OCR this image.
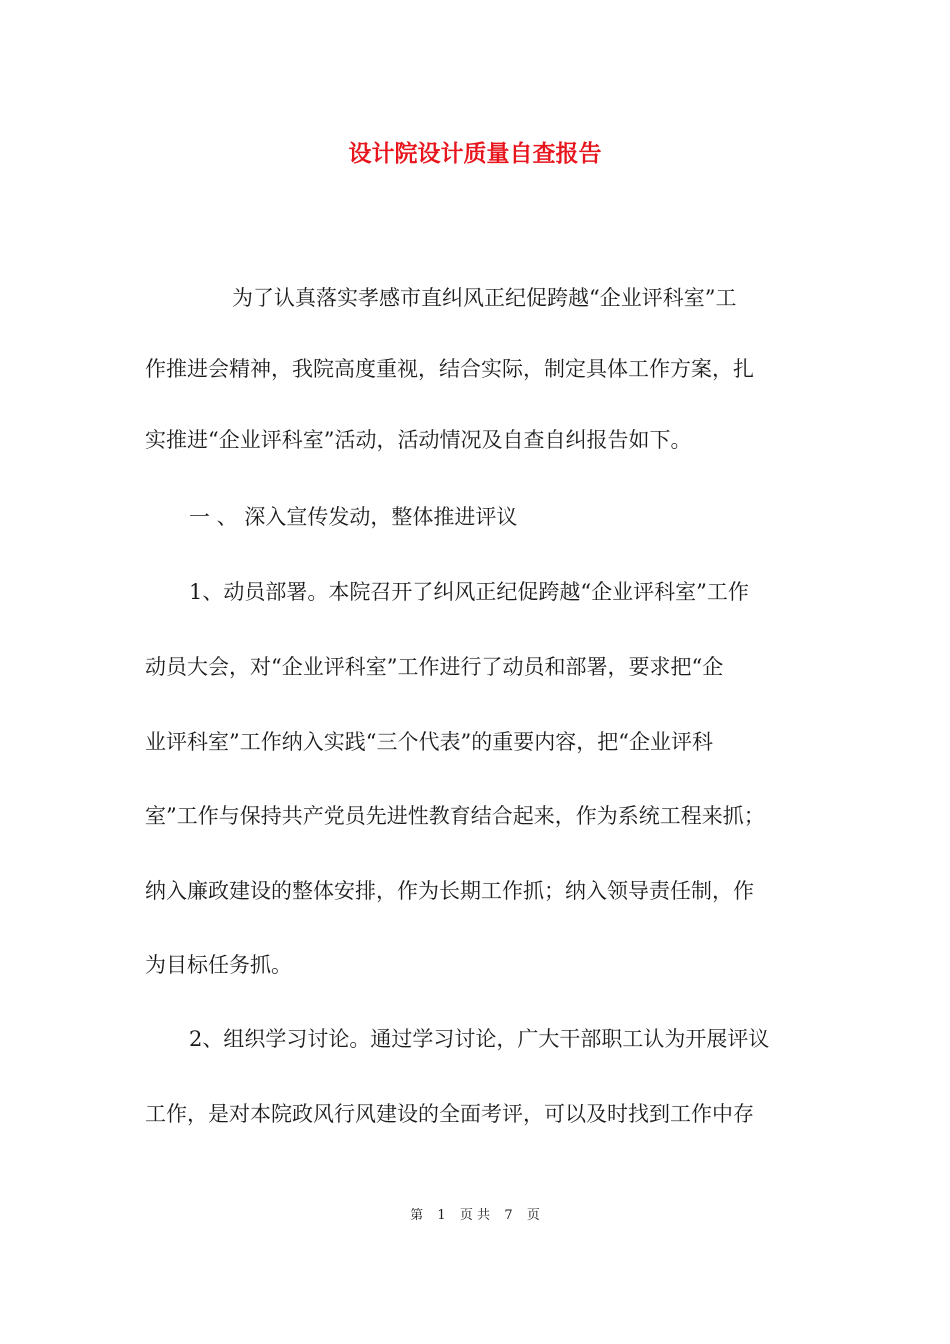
设计院设计质量自查报告
为了认真落实孝感市直纠风正纪促跨越“企业评科室”工
作推进会精神，我院高度重视，结合实际，制定具体工作方案，扎
实推进“企业评科室”活动，活动情况及自查自纠报告如下。
一 、 深入宣传发动，整体推进评议
1、动员部署。本院召开了纠风正纪促跨越“企业评科室”工作
动员大会，对“企业评科室”工作进行了动员和部署，要求把“企
业评科室”工作纳入实践“三个代表”的重要内容，把“企业评科
室”工作与保持共产党员先进性教育结合起来，作为系统工程来抓；
纳入廉政建设的整体安排，作为长期工作抓；纳入领导责任制，作
为目标任务抓。
2、组织学习讨论。通过学习讨论，广大干部职工认为开展评议
工作，是对本院政风行风建设的全面考评，可以及时找到工作中存
第 1 页 共 7 页
